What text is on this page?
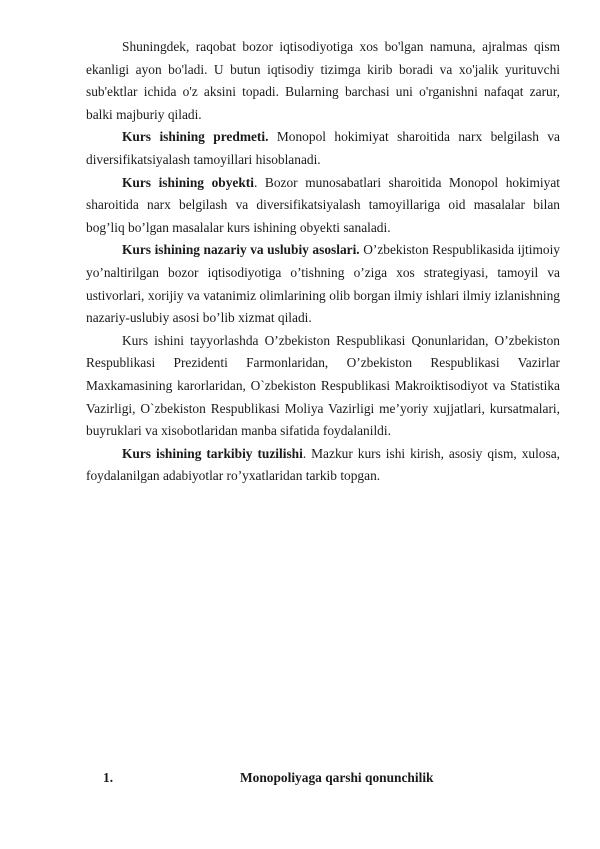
Shuningdek, raqobat bozor iqtisodiyotiga xos bo'lgan namuna, ajralmas qism ekanligi ayon bo'ladi. U butun iqtisodiy tizimga kirib boradi va xo'jalik yurituvchi sub'ektlar ichida o'z aksini topadi. Bularning barchasi uni o'rganishni nafaqat zarur, balki majburiy qiladi.

Kurs ishining predmeti. Monopol hokimiyat sharoitida narx belgilash va diversifikatsiyalash tamoyillari hisoblanadi.

Kurs ishining obyekti. Bozor munosabatlari sharoitida Monopol hokimiyat sharoitida narx belgilash va diversifikatsiyalash tamoyillariga oid masalalar bilan bog’liq bo’lgan masalalar kurs ishining obyekti sanaladi.

Kurs ishining nazariy va uslubiy asoslari. O’zbekiston Respublikasida ijtimoiy yo’naltirilgan bozor iqtisodiyotiga o’tishning o’ziga xos strategiyasi, tamoyil va ustivorlari, xorijiy va vatanimiz olimlarining olib borgan ilmiy ishlari ilmiy izlanishning nazariy-uslubiy asosi bo’lib xizmat qiladi.

Kurs ishini tayyorlashda O’zbekiston Respublikasi Qonunlaridan, O’zbekiston Respublikasi Prezidenti Farmonlaridan, O’zbekiston Respublikasi Vazirlar Maxkamasining karorlaridan, O`zbekiston Respublikasi Makroiktisodiyot va Statistika Vazirligi, O`zbekiston Respublikasi Moliya Vazirligi me’yoriy xujjatlari, kursatmalari, buyruklari va xisobotlaridan manba sifatida foydalanildi.

Kurs ishining tarkibiy tuzilishi. Mazkur kurs ishi kirish, asosiy qism, xulosa, foydalanilgan adabiyotlar ro’yxatlaridan tarkib topgan.

1.	Monopoliyaga qarshi qonunchilik
